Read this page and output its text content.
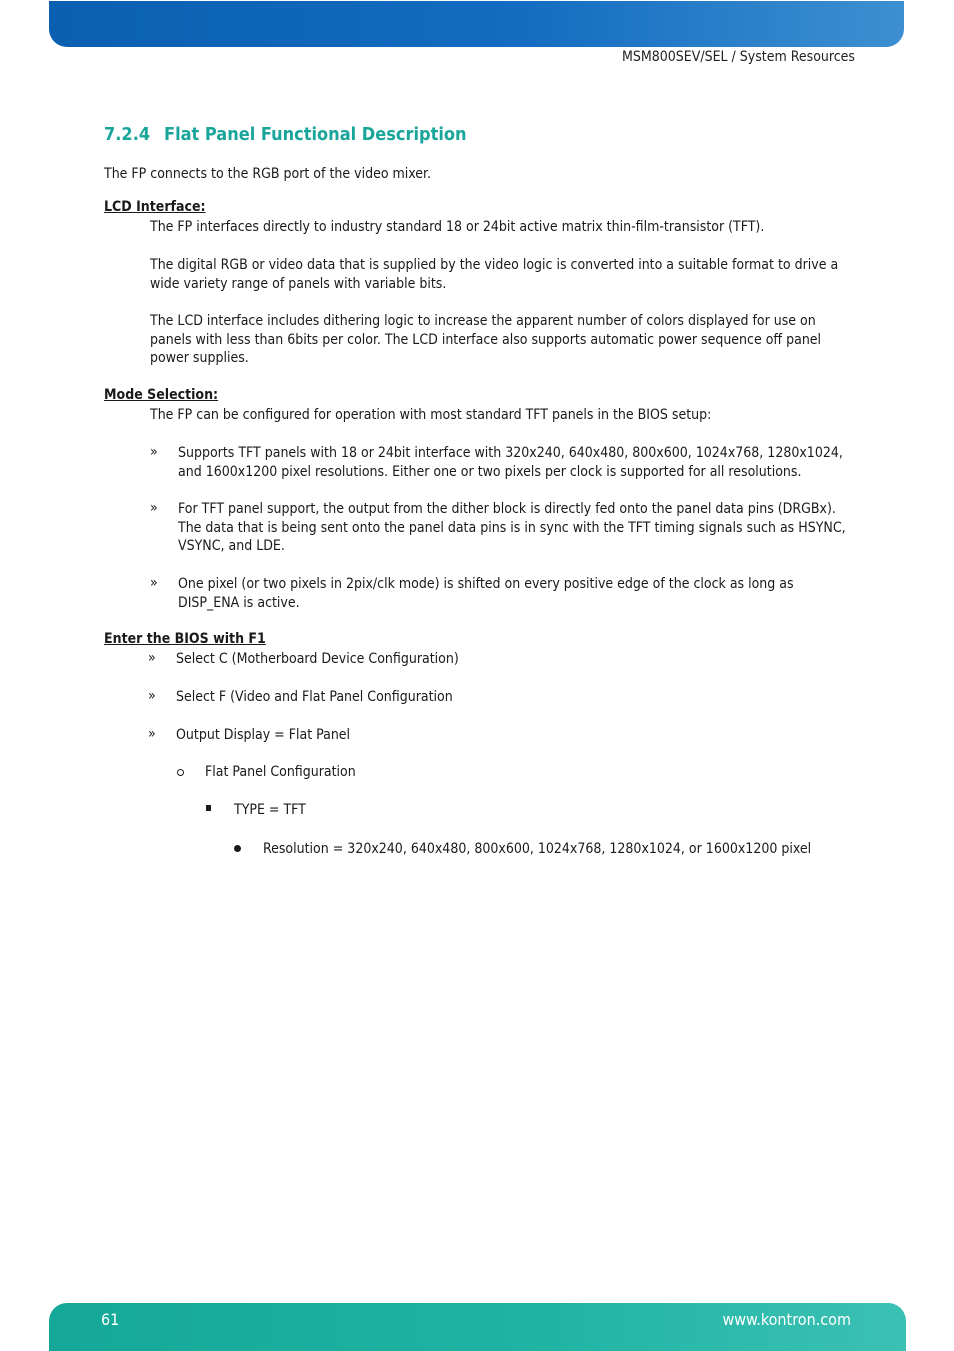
MSM800SEV/SEL / System Resources
7.2.4 Flat Panel Functional Description
The FP connects to the RGB port of the video mixer.
LCD Interface:
The FP interfaces directly to industry standard 18 or 24bit active matrix thin-film-transistor (TFT).
The digital RGB or video data that is supplied by the video logic is converted into a suitable format to drive a wide variety range of panels with variable bits.
The LCD interface includes dithering logic to increase the apparent number of colors displayed for use on panels with less than 6bits per color. The LCD interface also supports automatic power sequence off panel power supplies.
Mode Selection:
The FP can be configured for operation with most standard TFT panels in the BIOS setup:
» Supports TFT panels with 18 or 24bit interface with 320x240, 640x480, 800x600, 1024x768, 1280x1024, and 1600x1200 pixel resolutions. Either one or two pixels per clock is supported for all resolutions.
» For TFT panel support, the output from the dither block is directly fed onto the panel data pins (DRGBx). The data that is being sent onto the panel data pins is in sync with the TFT timing signals such as HSYNC, VSYNC, and LDE.
» One pixel (or two pixels in 2pix/clk mode) is shifted on every positive edge of the clock as long as DISP_ENA is active.
Enter the BIOS with F1
» Select C (Motherboard Device Configuration)
» Select F (Video and Flat Panel Configuration
» Output Display = Flat Panel
Flat Panel Configuration
TYPE = TFT
Resolution = 320x240, 640x480, 800x600, 1024x768, 1280x1024, or 1600x1200 pixel
61	www.kontron.com
